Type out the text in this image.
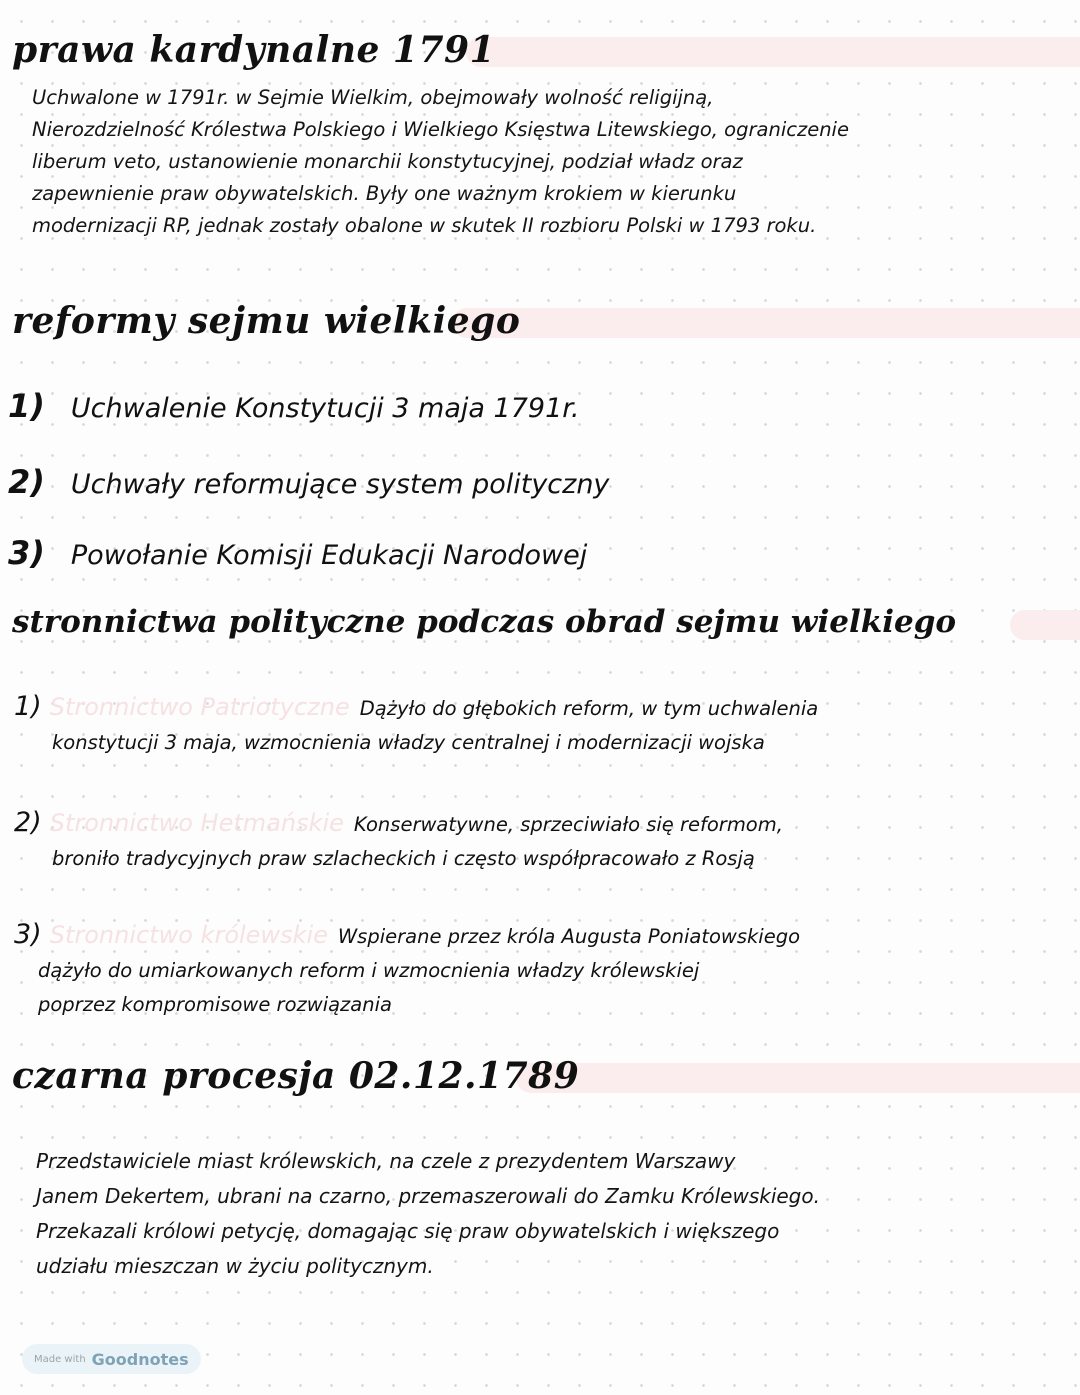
prawa kardynalne 1791
Uchwalone w 1791r. w Sejmie Wielkim, obejmowały wolność religijną,
Nierozdzielność Królestwa Polskiego i Wielkiego Księstwa Litewskiego, ograniczenie
liberum veto, ustanowienie monarchii konstytucyjnej, podział władz oraz
zapewnienie praw obywatelskich. Były one ważnym krokiem w kierunku
modernizacji RP, jednak zostały obalone w skutek II rozbioru Polski w 1793 roku.
reformy sejmu wielkiego
1) Uchwalenie Konstytucji 3 maja 1791r.
2) Uchwały reformujące system polityczny
3) Powołanie Komisji Edukacji Narodowej
stronnictwa polityczne podczas obrad sejmu wielkiego
1) Stronnictwo Patriotyczne Dążyło do głębokich reform, w tym uchwalenia
konstytucji 3 maja, wzmocnienia władzy centralnej i modernizacji wojska
2) Stronnictwo Hetmańskie Konserwatywne, sprzeciwiało się reformom,
broniło tradycyjnych praw szlacheckich i często współpracowało z Rosją
3) Stronnictwo królewskie Wspierane przez króla Augusta Poniatowskiego
dążyło do umiarkowanych reform i wzmocnienia władzy królewskiej
poprzez kompromisowe rozwiązania
czarna procesja 02.12.1789
Przedstawiciele miast królewskich, na czele z prezydentem Warszawy
Janem Dekertem, ubrani na czarno, przemaszerowali do Zamku Królewskiego.
Przekazali królowi petycję, domagając się praw obywatelskich i większego
udziału mieszczan w życiu politycznym.
Made with Goodnotes
